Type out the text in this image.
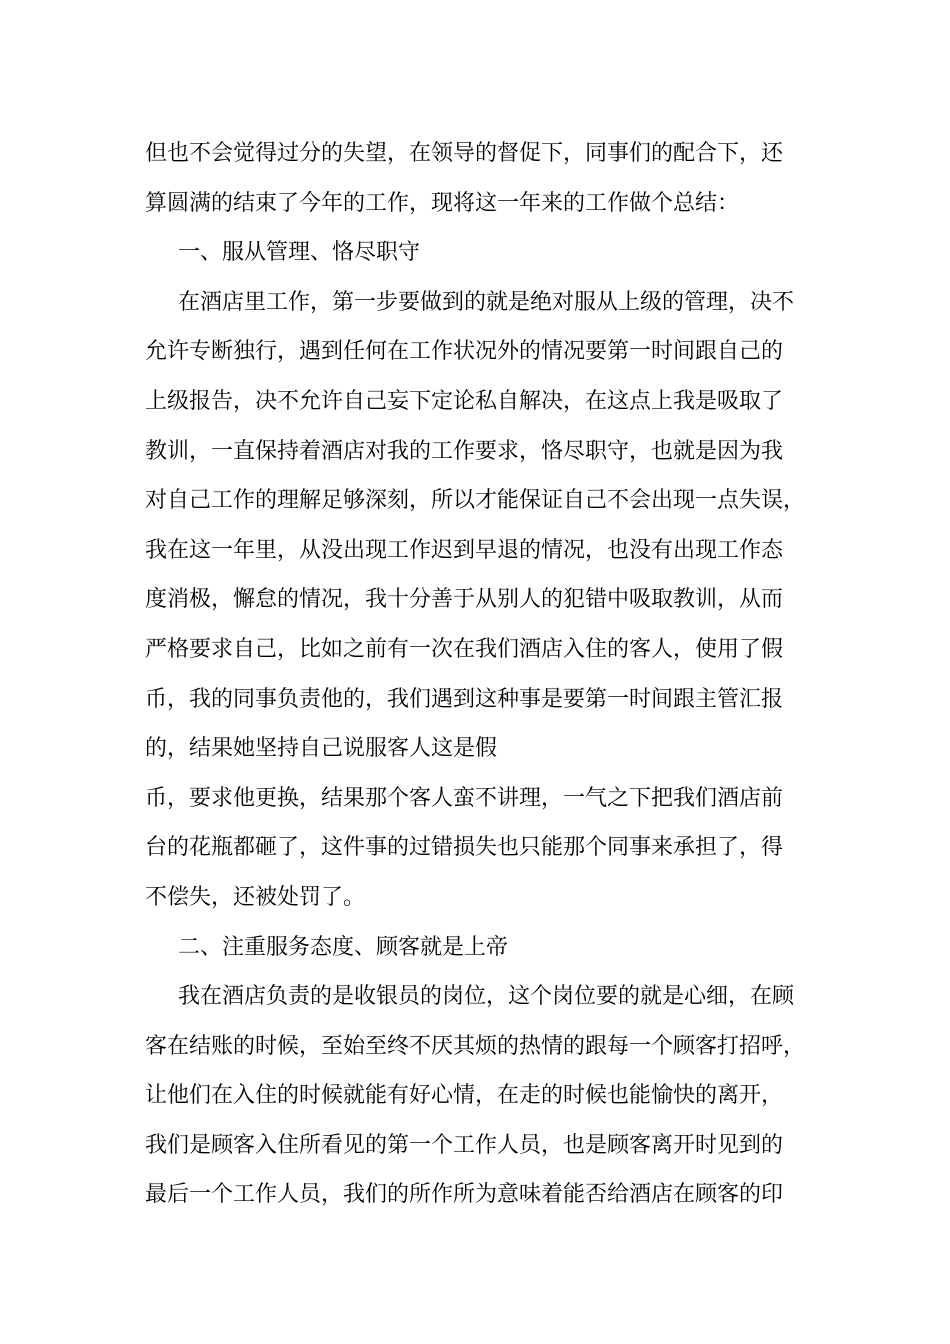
但也不会觉得过分的失望，在领导的督促下，同事们的配合下，还
算圆满的结束了今年的工作，现将这一年来的工作做个总结：
一、服从管理、恪尽职守
在酒店里工作，第一步要做到的就是绝对服从上级的管理，决不
允许专断独行，遇到任何在工作状况外的情况要第一时间跟自己的
上级报告，决不允许自己妄下定论私自解决，在这点上我是吸取了
教训，一直保持着酒店对我的工作要求，恪尽职守，也就是因为我
对自己工作的理解足够深刻，所以才能保证自己不会出现一点失误，
我在这一年里，从没出现工作迟到早退的情况，也没有出现工作态
度消极，懈怠的情况，我十分善于从别人的犯错中吸取教训，从而
严格要求自己，比如之前有一次在我们酒店入住的客人，使用了假
币，我的同事负责他的，我们遇到这种事是要第一时间跟主管汇报
的，结果她坚持自己说服客人这是假
币，要求他更换，结果那个客人蛮不讲理，一气之下把我们酒店前
台的花瓶都砸了，这件事的过错损失也只能那个同事来承担了，得
不偿失，还被处罚了。
二、注重服务态度、顾客就是上帝
我在酒店负责的是收银员的岗位，这个岗位要的就是心细，在顾
客在结账的时候，至始至终不厌其烦的热情的跟每一个顾客打招呼，
让他们在入住的时候就能有好心情，在走的时候也能愉快的离开，
我们是顾客入住所看见的第一个工作人员，也是顾客离开时见到的
最后一个工作人员，我们的所作所为意味着能否给酒店在顾客的印
